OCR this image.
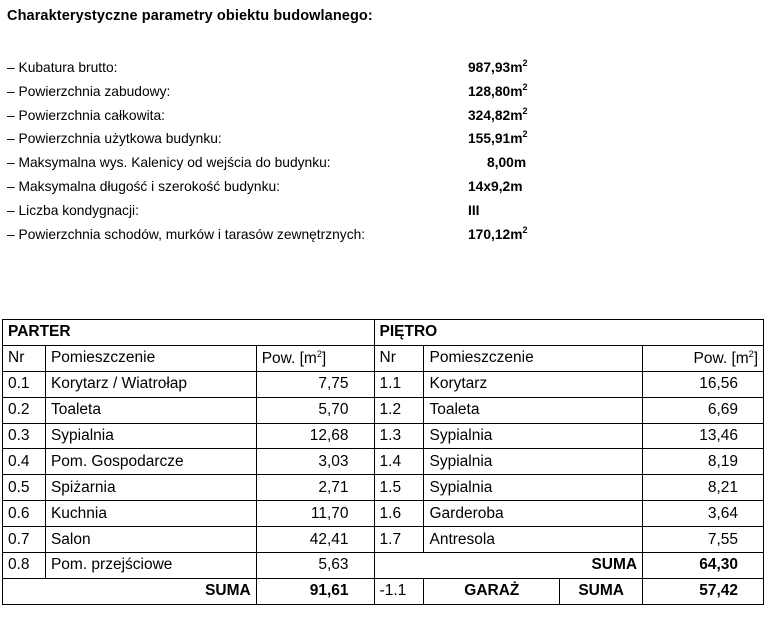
Charakterystyczne parametry obiektu budowlanego:
– Kubatura brutto:	$987,93m^2$
– Powierzchnia zabudowy:	$128,80m^2$
– Powierzchnia całkowita:	$324,82m^2$
– Powierzchnia użytkowa budynku:	$155,91m^2$
– Maksymalna wys. Kalenicy od wejścia do budynku:	8,00m
– Maksymalna długość i szerokość budynku:	14x9,2m
– Liczba kondygnacji:	III
– Powierzchnia schodów, murków i tarasów zewnętrznych:	$170,12m^2$
PARTER			PIĘTRO			
Nr	Pomieszczenie	Pow. $[m^2]$	Nr	Pomieszczenie		Pow. $[m^2]$
0.1	Korytarz / Wiatrołap	7,75	1.1	Korytarz		16,56
0.2	Toaleta	5,70	1.2	Toaleta		6,69
0.3	Sypialnia	12,68	1.3	Sypialnia		13,46
0.4	Pom. Gospodarcze	3,03	1.4	Sypialnia		8,19
0.5	Spiżarnia	2,71	1.5	Sypialnia		8,21
0.6	Kuchnia	11,70	1.6	Garderoba		3,64
0.7	Salon	42,41	1.7	Antresola		7,55
0.8	Pom. przejściowe	5,63	SUMA			64,30
SUMA		91,61	-1.1	GARAŻ	SUMA	57,42
